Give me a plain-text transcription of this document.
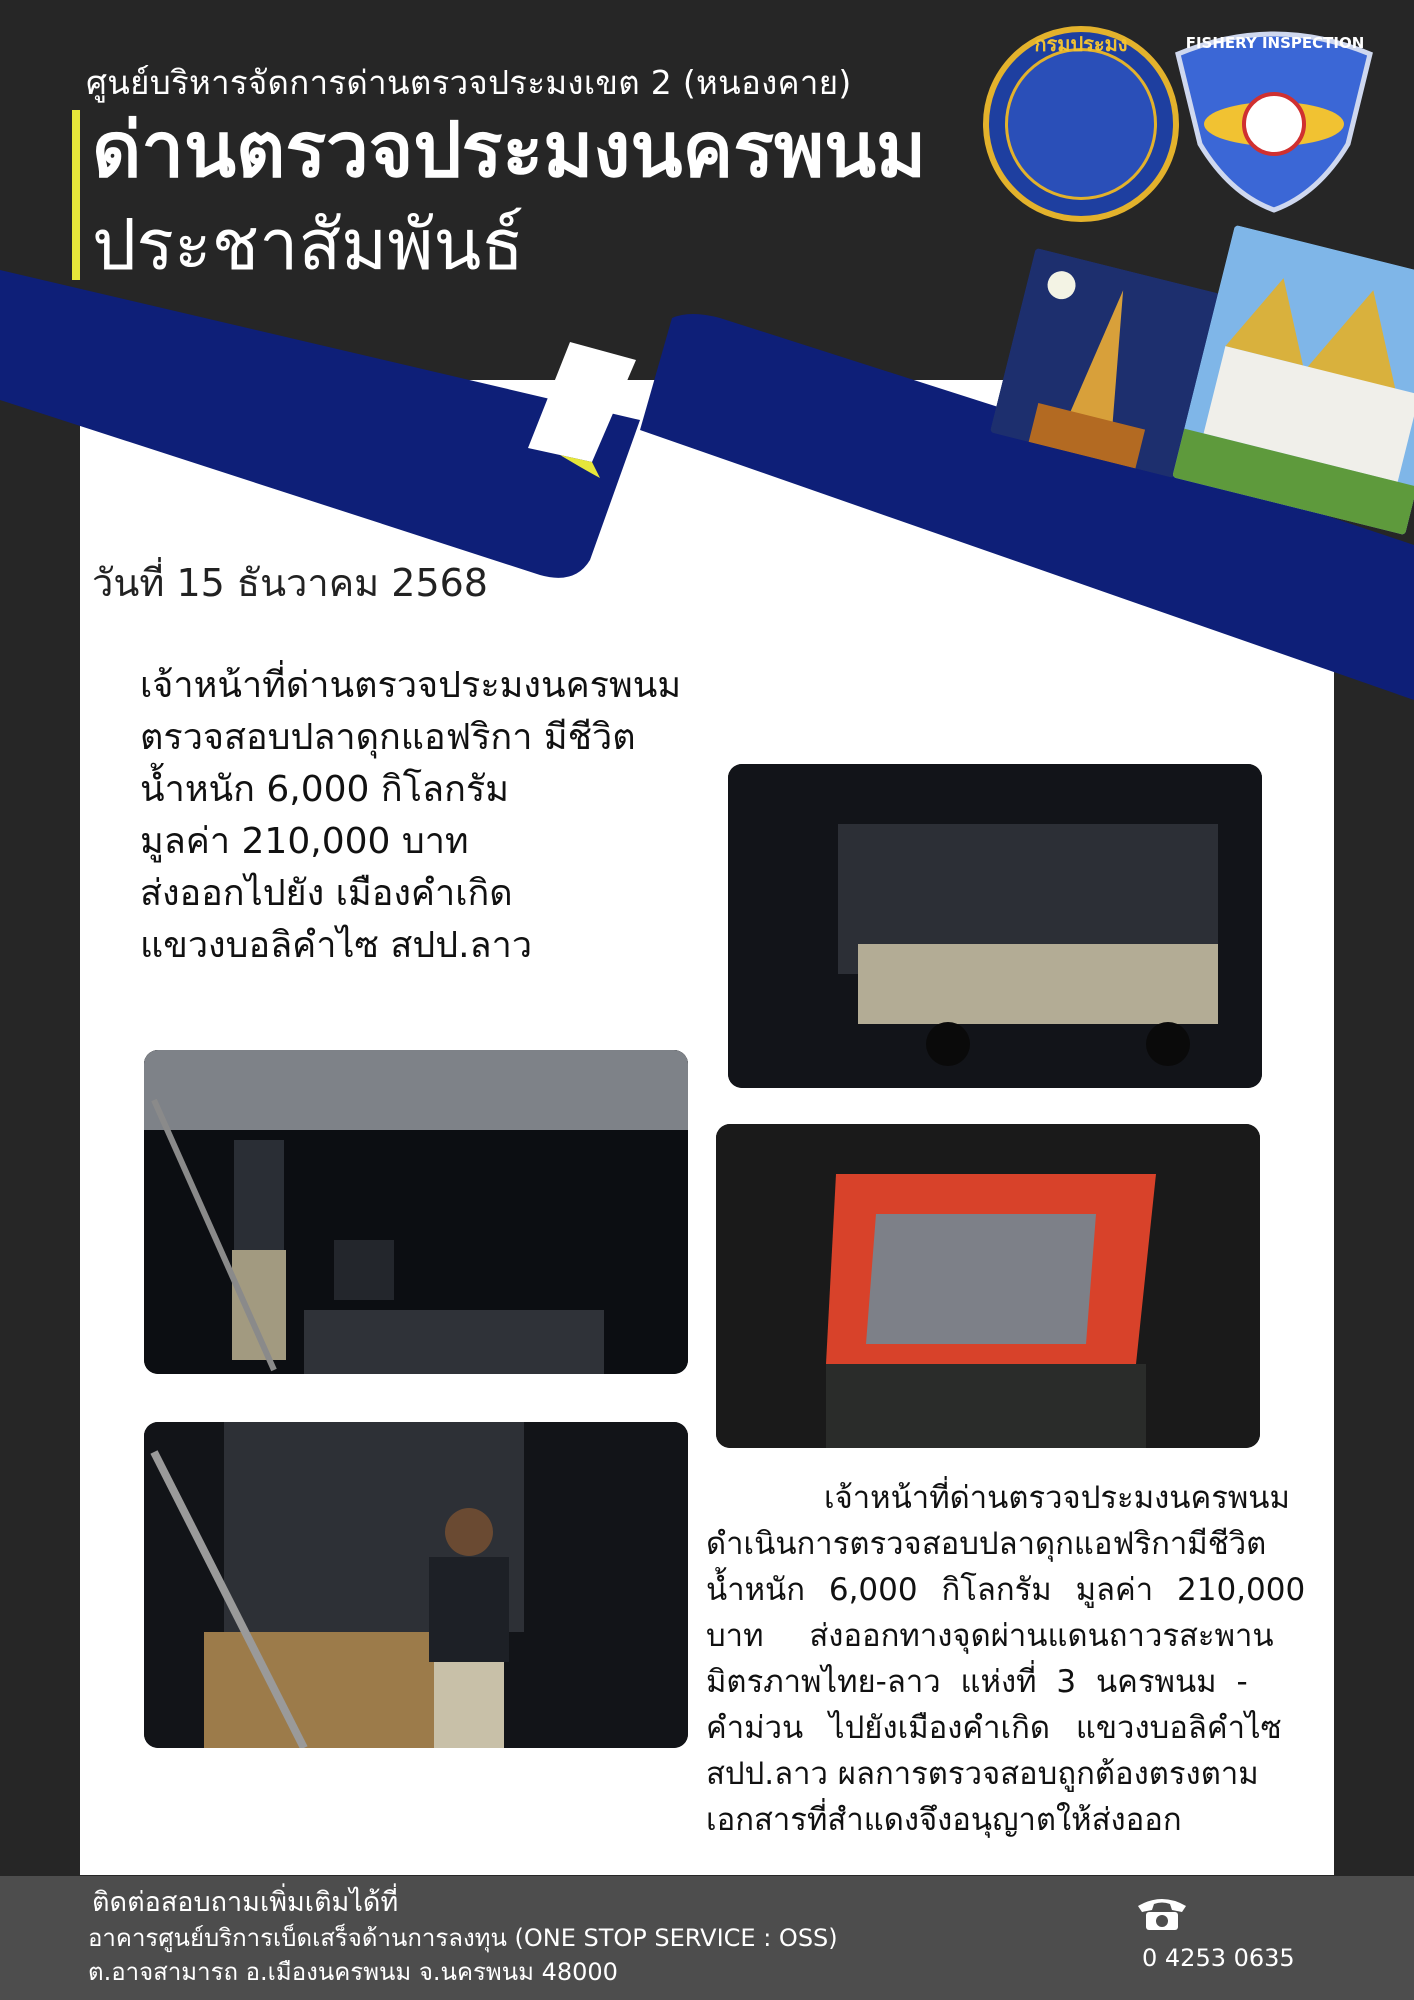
กรมประมง	FISHERY INSPECTION
ศูนย์บริหารจัดการด่านตรวจประมงเขต 2 (หนองคาย)
ด่านตรวจประมงนครพนม
ประชาสัมพันธ์
วันที่ 15 ธันวาคม 2568
เจ้าหน้าที่ด่านตรวจประมงนครพนม
ตรวจสอบปลาดุกแอฟริกา มีชีวิต
น้ำหนัก 6,000 กิโลกรัม
มูลค่า 210,000 บาท
ส่งออกไปยัง เมืองคำเกิด
แขวงบอลิคำไซ สปป.ลาว
เจ้าหน้าที่ด่านตรวจประมงนครพนม
ดำเนินการตรวจสอบปลาดุกแอฟริกามีชีวิต
น้ำหนัก 6,000 กิโลกรัม มูลค่า 210,000
บาท ส่งออกทางจุดผ่านแดนถาวรสะพาน
มิตรภาพไทย-ลาว แห่งที่ 3 นครพนม -
คำม่วน ไปยังเมืองคำเกิด แขวงบอลิคำไซ
สปป.ลาว ผลการตรวจสอบถูกต้องตรงตาม
เอกสารที่สำแดงจึงอนุญาตให้ส่งออก
ติดต่อสอบถามเพิ่มเติมได้ที่
อาคารศูนย์บริการเบ็ดเสร็จด้านการลงทุน (ONE STOP SERVICE : OSS)
ต.อาจสามารถ อ.เมืองนครพนม จ.นครพนม 48000	0 4253 0635
